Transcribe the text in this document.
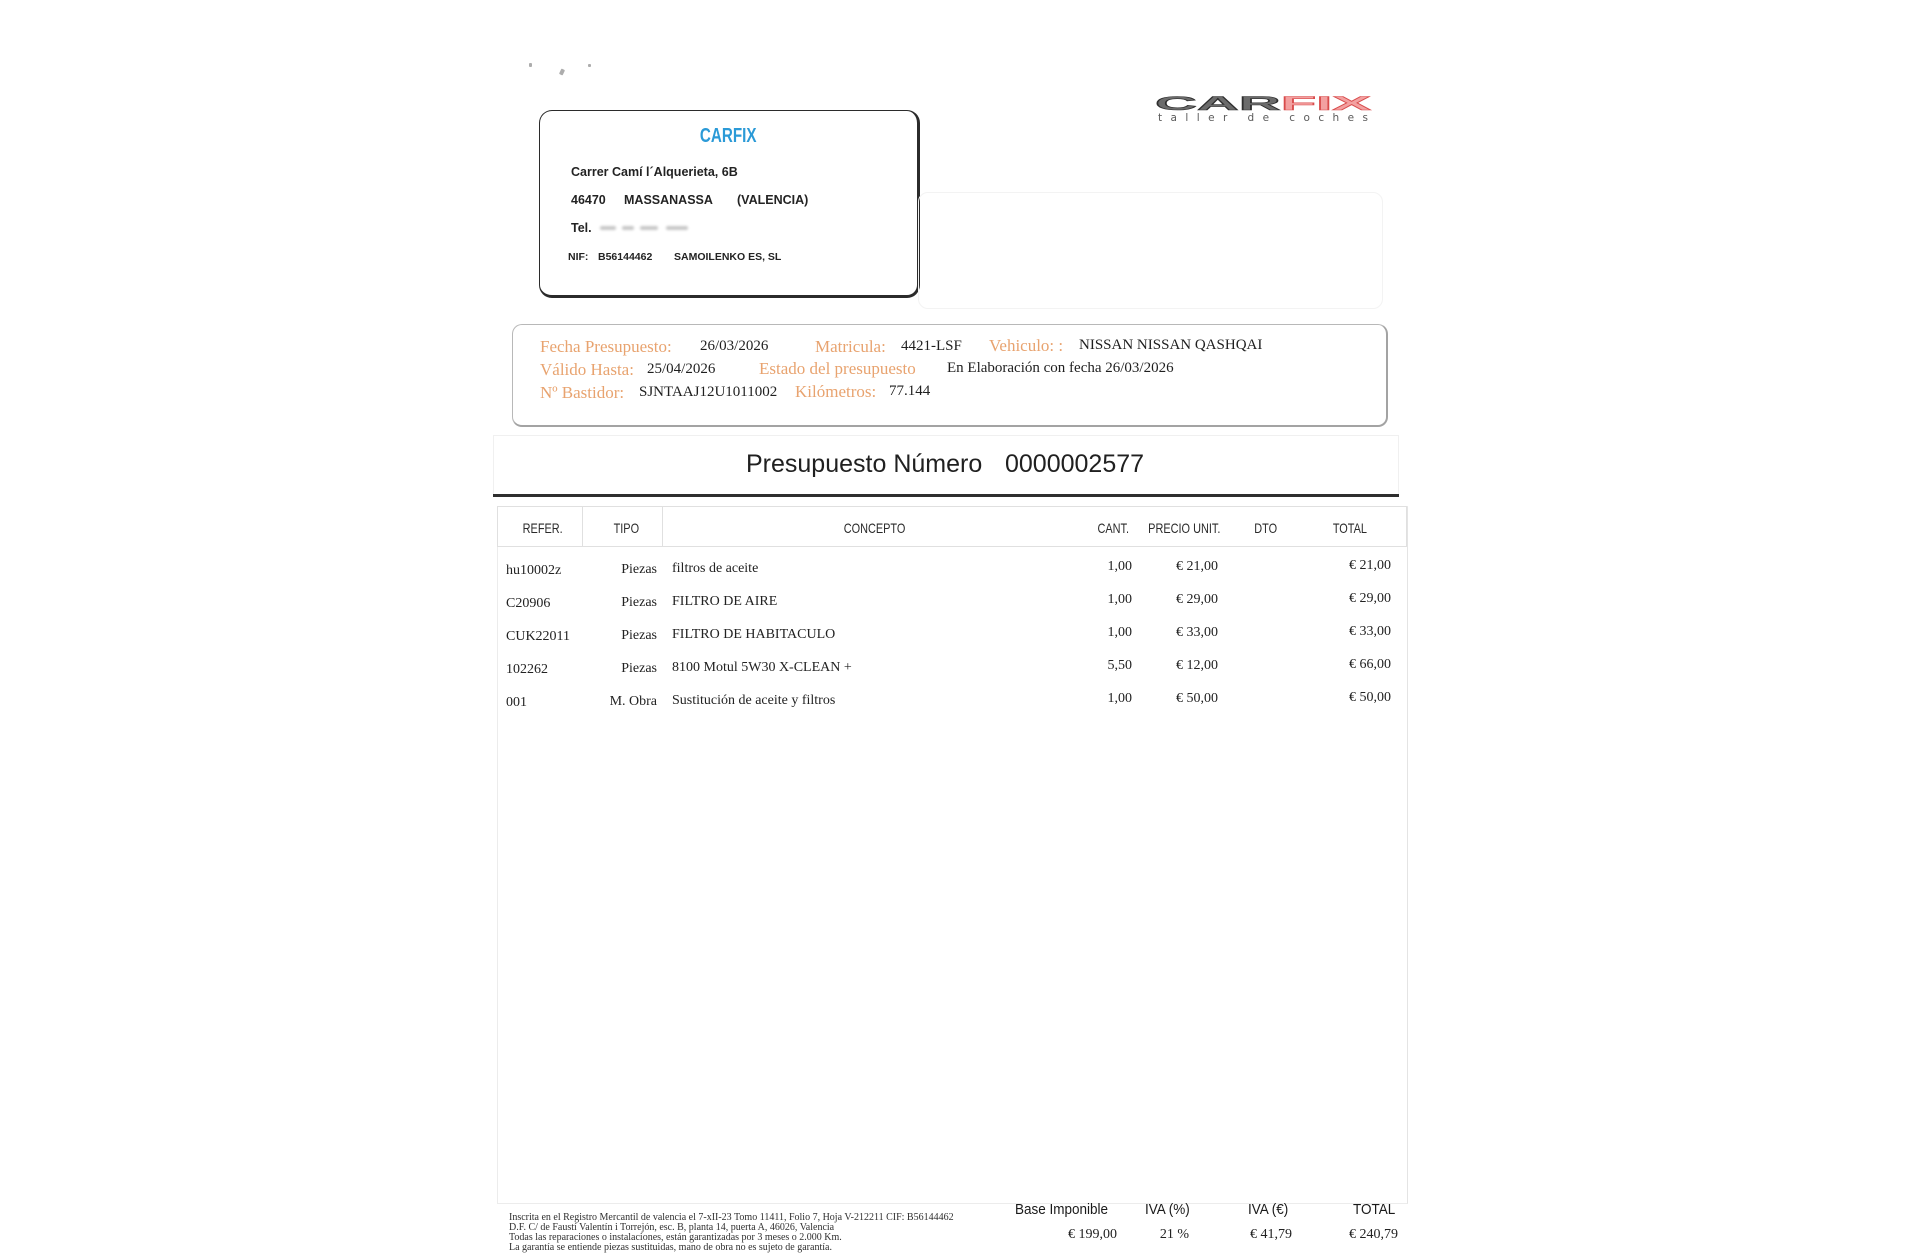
CARFIX
Carrer Camí l´Alquerieta, 6B
46470 MASSANASSA (VALENCIA)
Tel.
NIF: B56144462 SAMOILENKO ES, SL
CAR	FIX
taller de coches
Fecha Presupuesto: 26/03/2026	Matricula: 4421-LSF Vehiculo: : NISSAN NISSAN QASHQAI
Válido Hasta: 25/04/2026	Estado del presupuesto En Elaboración con fecha 26/03/2026
Nº Bastidor: SJNTAAJ12U1011002 Kilómetros: 77.144
Presupuesto Número 0000002577
REFER.	TIPO	CONCEPTO	CANT.	PRECIO UNIT.	DTO	TOTAL
hu10002z	Piezas filtros de aceite	1,00	€ 21,00	€ 21,00
C20906	Piezas FILTRO DE AIRE	1,00	€ 29,00	€ 29,00
CUK22011	Piezas FILTRO DE HABITACULO	1,00	€ 33,00	€ 33,00
102262	Piezas 8100 Motul 5W30 X-CLEAN +	5,50	€ 12,00	€ 66,00
001	M. Obra Sustitución de aceite y filtros	1,00	€ 50,00	€ 50,00
Base Imponible IVA (%)	IVA (€)	TOTAL
€ 199,00	21 %	€ 41,79	€ 240,79
Inscrita en el Registro Mercantil de valencia el 7-xII-23 Tomo 11411, Folio 7, Hoja V-212211 CIF: B56144462
D.F. C/ de Faustí Valentín i Torrejón, esc. B, planta 14, puerta A, 46026, Valencia
Todas las reparaciones o instalaciones, están garantizadas por 3 meses o 2.000 Km.
La garantía se entiende piezas sustituidas, mano de obra no es sujeto de garantía.
